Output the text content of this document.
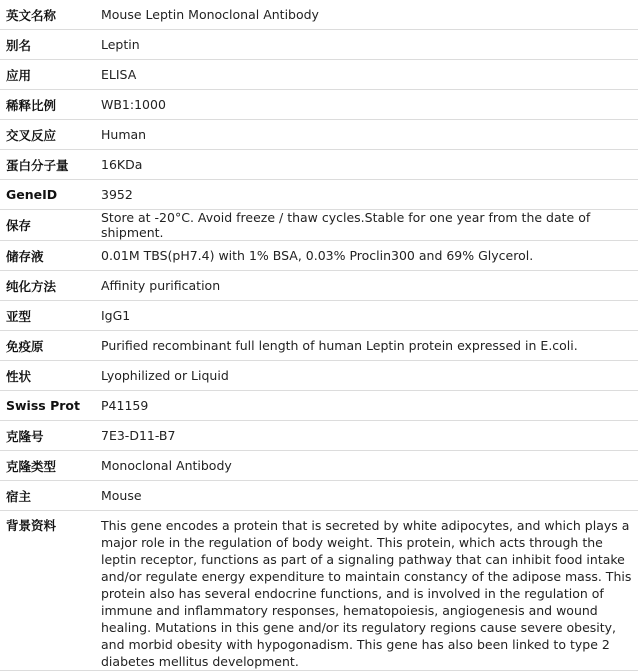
英文名称	Mouse Leptin Monoclonal Antibody
别名	Leptin
应用	ELISA
稀释比例	WB1:1000
交叉反应	Human
蛋白分子量	16KDa
GeneID	3952
保存	Store at -20°C. Avoid freeze / thaw cycles.Stable for one year from the date of shipment.
储存液	0.01M TBS(pH7.4) with 1% BSA, 0.03% Proclin300 and 69% Glycerol.
纯化方法	Affinity purification
亚型	IgG1
免疫原	Purified recombinant full length of human Leptin protein expressed in E.coli.
性状	Lyophilized or Liquid
Swiss Prot	P41159
克隆号	7E3-D11-B7
克隆类型	Monoclonal Antibody
宿主	Mouse
背景资料	This gene encodes a protein that is secreted by white adipocytes, and which plays a major role in the regulation of body weight. This protein, which acts through the leptin receptor, functions as part of a signaling pathway that can inhibit food intake and/or regulate energy expenditure to maintain constancy of the adipose mass. This protein also has several endocrine functions, and is involved in the regulation of immune and inflammatory responses, hematopoiesis, angiogenesis and wound healing. Mutations in this gene and/or its regulatory regions cause severe obesity, and morbid obesity with hypogonadism. This gene has also been linked to type 2 diabetes mellitus development.
